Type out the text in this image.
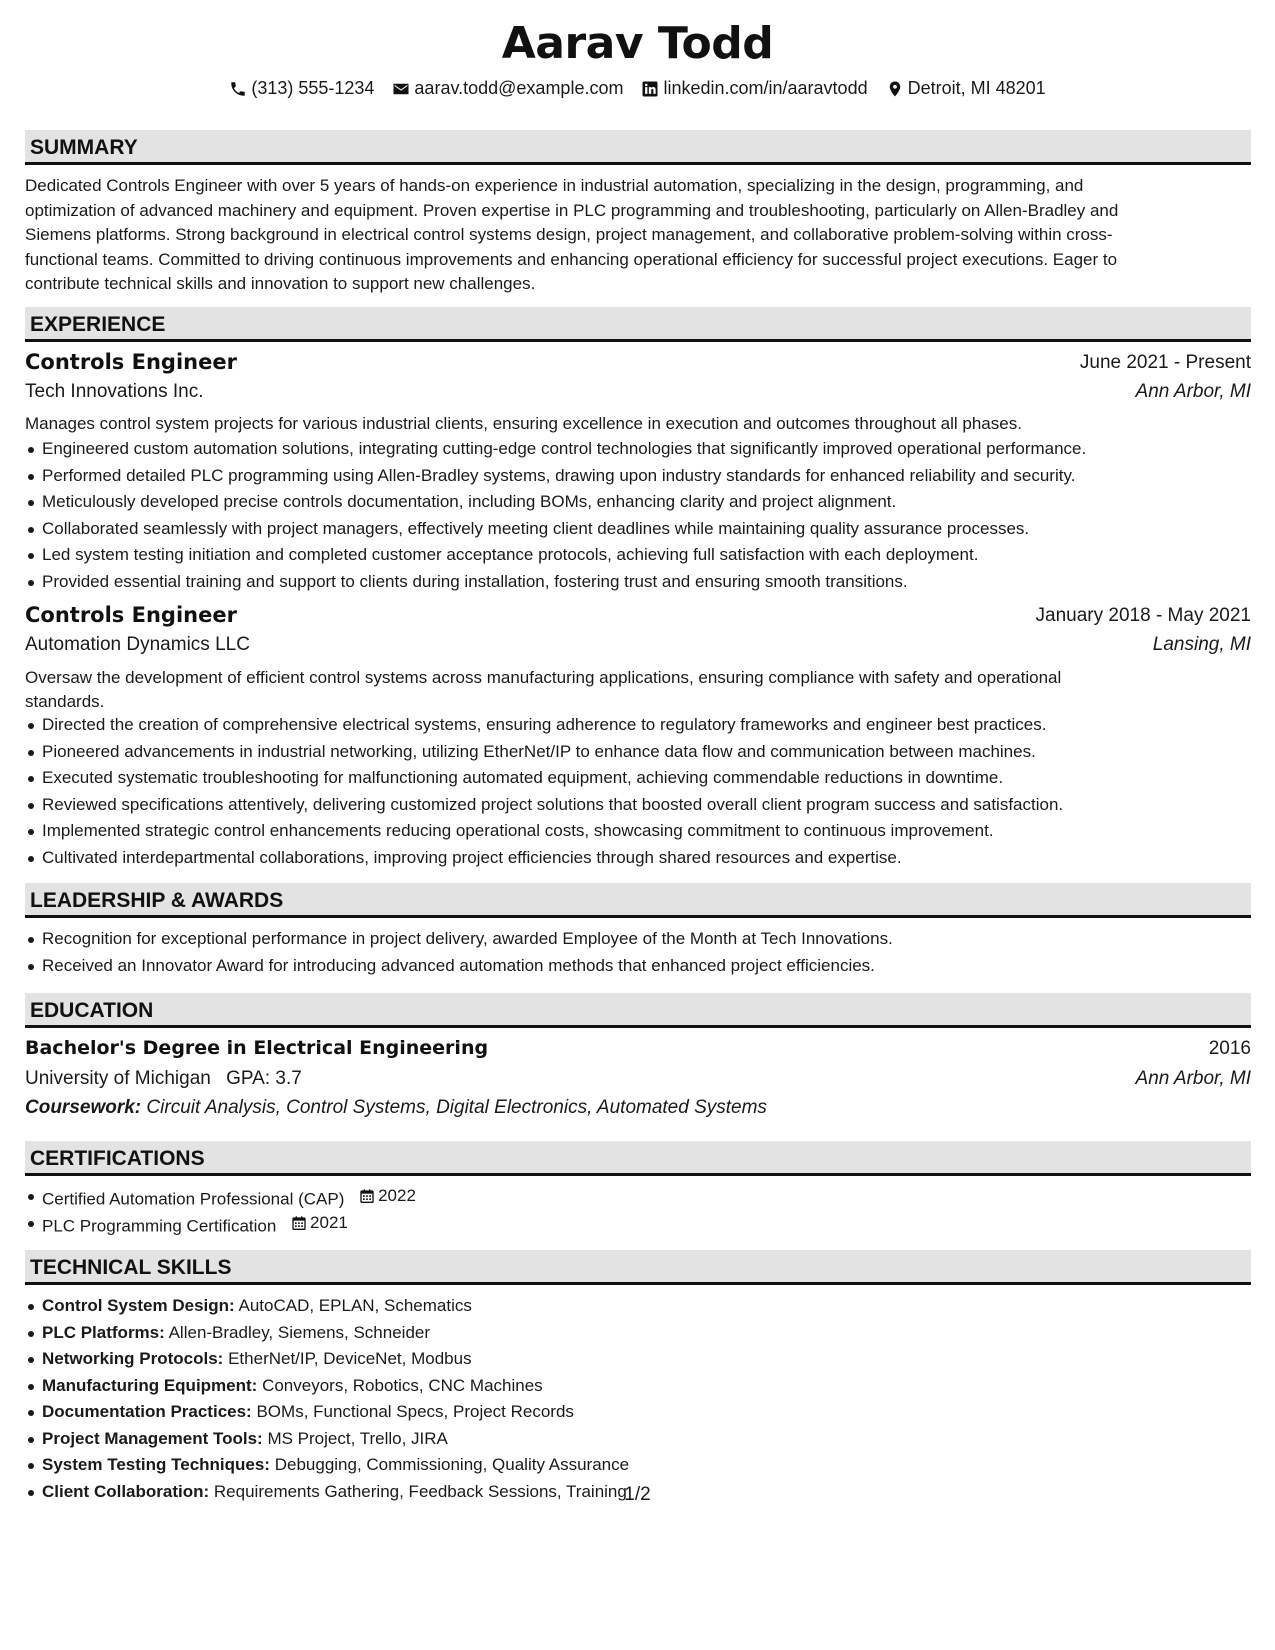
Aarav Todd
(313) 555-1234 aarav.todd@example.com linkedin.com/in/aaravtodd Detroit, MI 48201
SUMMARY
Dedicated Controls Engineer with over 5 years of hands-on experience in industrial automation, specializing in the design, programming, and
optimization of advanced machinery and equipment. Proven expertise in PLC programming and troubleshooting, particularly on Allen-Bradley and
Siemens platforms. Strong background in electrical control systems design, project management, and collaborative problem-solving within cross-
functional teams. Committed to driving continuous improvements and enhancing operational efficiency for successful project executions. Eager to
contribute technical skills and innovation to support new challenges.
EXPERIENCE
Controls Engineer	June 2021 - Present
Tech Innovations Inc.	Ann Arbor, MI
Manages control system projects for various industrial clients, ensuring excellence in execution and outcomes throughout all phases.
Engineered custom automation solutions, integrating cutting-edge control technologies that significantly improved operational performance.
Performed detailed PLC programming using Allen-Bradley systems, drawing upon industry standards for enhanced reliability and security.
Meticulously developed precise controls documentation, including BOMs, enhancing clarity and project alignment.
Collaborated seamlessly with project managers, effectively meeting client deadlines while maintaining quality assurance processes.
Led system testing initiation and completed customer acceptance protocols, achieving full satisfaction with each deployment.
Provided essential training and support to clients during installation, fostering trust and ensuring smooth transitions.
Controls Engineer	January 2018 - May 2021
Automation Dynamics LLC	Lansing, MI
Oversaw the development of efficient control systems across manufacturing applications, ensuring compliance with safety and operational
standards.
Directed the creation of comprehensive electrical systems, ensuring adherence to regulatory frameworks and engineer best practices.
Pioneered advancements in industrial networking, utilizing EtherNet/IP to enhance data flow and communication between machines.
Executed systematic troubleshooting for malfunctioning automated equipment, achieving commendable reductions in downtime.
Reviewed specifications attentively, delivering customized project solutions that boosted overall client program success and satisfaction.
Implemented strategic control enhancements reducing operational costs, showcasing commitment to continuous improvement.
Cultivated interdepartmental collaborations, improving project efficiencies through shared resources and expertise.
LEADERSHIP & AWARDS
Recognition for exceptional performance in project delivery, awarded Employee of the Month at Tech Innovations.
Received an Innovator Award for introducing advanced automation methods that enhanced project efficiencies.
EDUCATION
Bachelor's Degree in Electrical Engineering	2016
University of Michigan GPA: 3.7	Ann Arbor, MI
Coursework: Circuit Analysis, Control Systems, Digital Electronics, Automated Systems
CERTIFICATIONS
Certified Automation Professional (CAP) 2022
PLC Programming Certification 2021
TECHNICAL SKILLS
Control System Design: AutoCAD, EPLAN, Schematics
PLC Platforms: Allen-Bradley, Siemens, Schneider
Networking Protocols: EtherNet/IP, DeviceNet, Modbus
Manufacturing Equipment: Conveyors, Robotics, CNC Machines
Documentation Practices: BOMs, Functional Specs, Project Records
Project Management Tools: MS Project, Trello, JIRA
System Testing Techniques: Debugging, Commissioning, Quality Assurance
Client Collaboration: Requirements Gathering, Feedback Sessions, Training
1/2
